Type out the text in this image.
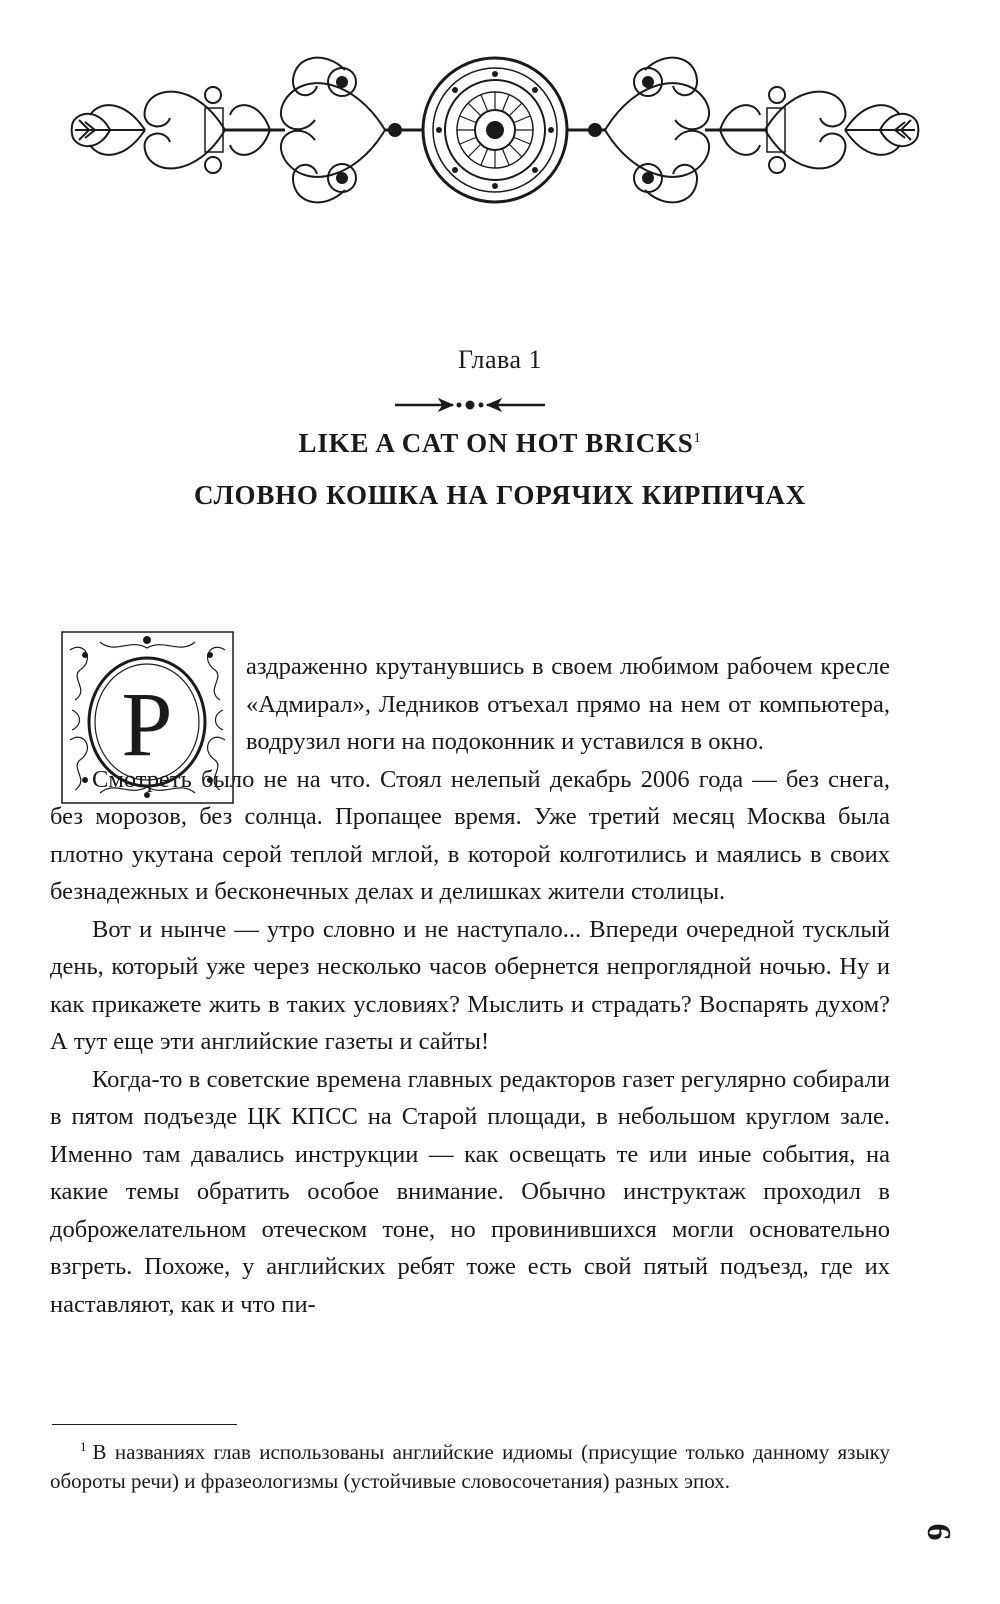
Глава 1
LIKE A CAT ON HOT BRICKS$^1$
СЛОВНО КОШКА НА ГОРЯЧИХ КИРПИЧАХ
Р

аздраженно крутанувшись в своем любимом рабочем кресле «Адмирал», Ледников отъехал прямо на нем от компьютера, водрузил ноги на подоконник и уставился в окно.

Смотреть было не на что. Стоял нелепый декабрь 2006 года — без снега, без морозов, без солнца. Пропащее время. Уже третий месяц Москва была плотно укутана серой теплой мглой, в которой колготились и маялись в своих безнадежных и бесконечных делах и делишках жители столицы.

Вот и нынче — утро словно и не наступало... Впереди очередной тусклый день, который уже через несколько часов обернется непроглядной ночью. Ну и как прикажете жить в таких условиях? Мыслить и страдать? Воспарять духом? А тут еще эти английские газеты и сайты!

Когда-то в советские времена главных редакторов газет регулярно собирали в пятом подъезде ЦК КПСС на Старой площади, в небольшом круглом зале. Именно там давались инструкции — как освещать те или иные события, на какие темы обратить особое внимание. Обычно инструктаж проходил в доброжелательном отеческом тоне, но провинившихся могли основательно взгреть. Похоже, у английских ребят тоже есть свой пятый подъезд, где их наставляют, как и что пи-

$^1$ В названиях глав использованы английские идиомы (присущие только данному языку обороты речи) и фразеологизмы (устойчивые словосочетания) разных эпох.
6
